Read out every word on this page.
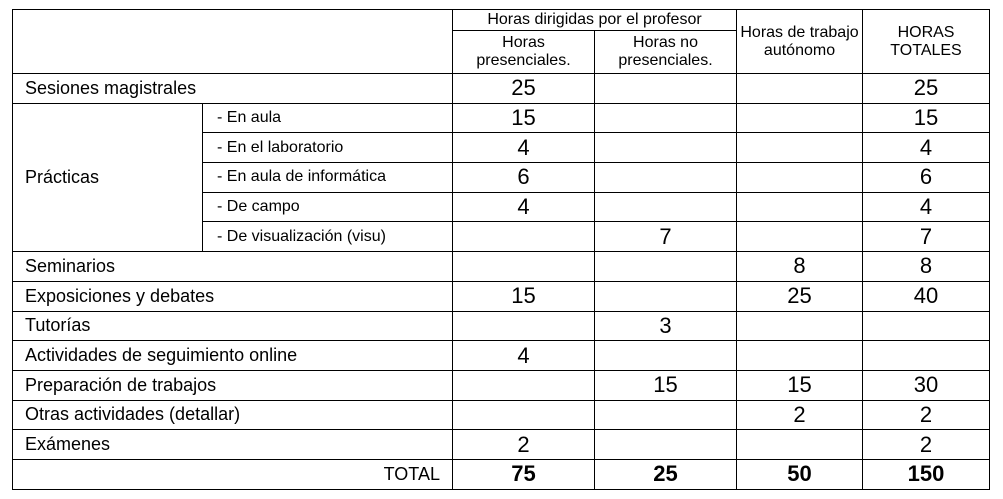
		Horas dirigidas por el profesor		Horas de trabajo autónomo	HORAS TOTALES
		Horas presenciales.	Horas no presenciales.		
Sesiones magistrales		25			25
Prácticas	- En aula	15			15
	- En el laboratorio	4			4
	- En aula de informática	6			6
	- De campo	4			4
	- De visualización (visu)		7		7
Seminarios				8	8
Exposiciones y debates		15		25	40
Tutorías			3		
Actividades de seguimiento online		4			
Preparación de trabajos			15	15	30
Otras actividades (detallar)				2	2
Exámenes		2			2
TOTAL		75	25	50	150
